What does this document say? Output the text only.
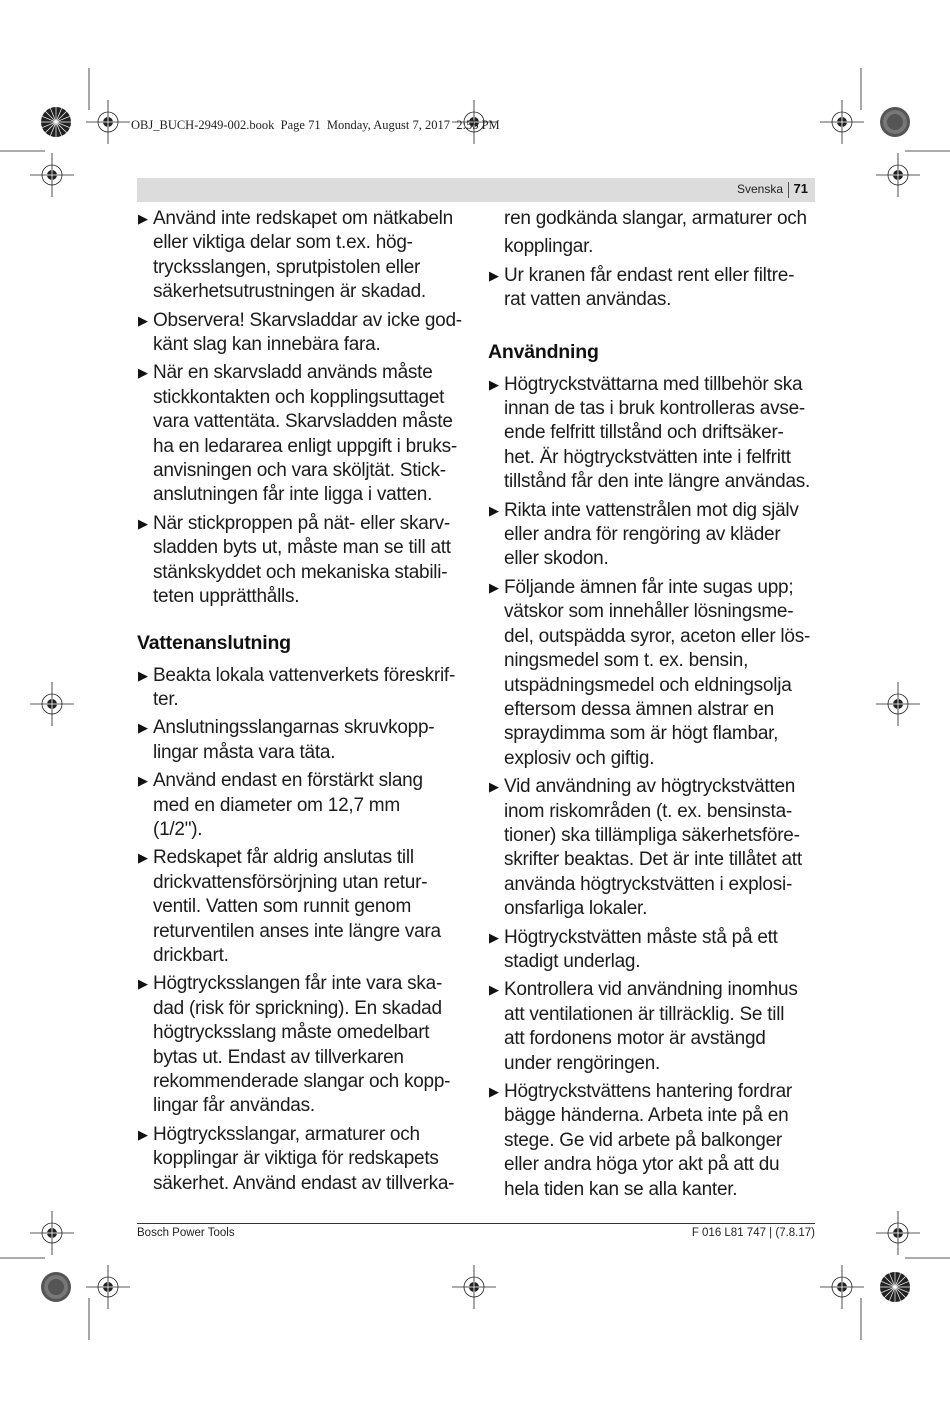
OBJ_BUCH-2949-002.book  Page 71  Monday, August 7, 2017  2:55 PM
Svenska 71
▶ Använd inte redskapet om nätkabeln

eller viktiga delar som t.ex. hög-

trycksslangen, sprutpistolen eller

säkerhetsutrustningen är skadad.

▶ Observera! Skarvsladdar av icke god-

känt slag kan innebära fara.

▶ När en skarvsladd används måste

stickkontakten och kopplingsuttaget

vara vattentäta. Skarvsladden måste

ha en ledararea enligt uppgift i bruks-

anvisningen och vara sköljtät. Stick-

anslutningen får inte ligga i vatten.

▶ När stickproppen på nät- eller skarv-

sladden byts ut, måste man se till att

stänkskyddet och mekaniska stabili-

teten upprätthålls.

Vattenanslutning
▶ Beakta lokala vattenverkets föreskrif-

ter.

▶ Anslutningsslangarnas skruvkopp-

lingar måsta vara täta.

▶ Använd endast en förstärkt slang

med en diameter om 12,7 mm

(1/2").

▶ Redskapet får aldrig anslutas till

drickvattensförsörjning utan retur-

ventil. Vatten som runnit genom

returventilen anses inte längre vara

drickbart.

▶ Högtrycksslangen får inte vara ska-

dad (risk för sprickning). En skadad

högtrycksslang måste omedelbart

bytas ut. Endast av tillverkaren

rekommenderade slangar och kopp-

lingar får användas.

▶ Högtrycksslangar, armaturer och

kopplingar är viktiga för redskapets

säkerhet. Använd endast av tillverka-

ren godkända slangar, armaturer och

kopplingar.

▶ Ur kranen får endast rent eller filtre-

rat vatten användas.

Användning
▶ Högtryckstvättarna med tillbehör ska

innan de tas i bruk kontrolleras avse-

ende felfritt tillstånd och driftsäker-

het. Är högtryckstvätten inte i felfritt

tillstånd får den inte längre användas.

▶ Rikta inte vattenstrålen mot dig själv

eller andra för rengöring av kläder

eller skodon.

▶ Följande ämnen får inte sugas upp;

vätskor som innehåller lösningsme-

del, outspädda syror, aceton eller lös-

ningsmedel som t. ex. bensin,

utspädningsmedel och eldningsolja

eftersom dessa ämnen alstrar en

spraydimma som är högt flambar,

explosiv och giftig.

▶ Vid användning av högtryckstvätten

inom riskområden (t. ex. bensinsta-

tioner) ska tillämpliga säkerhetsföre-

skrifter beaktas. Det är inte tillåtet att

använda högtryckstvätten i explosi-

onsfarliga lokaler.

▶ Högtryckstvätten måste stå på ett

stadigt underlag.

▶ Kontrollera vid användning inomhus

att ventilationen är tillräcklig. Se till

att fordonens motor är avstängd

under rengöringen.

▶ Högtryckstvättens hantering fordrar

bägge händerna. Arbeta inte på en

stege. Ge vid arbete på balkonger

eller andra höga ytor akt på att du

hela tiden kan se alla kanter.

Bosch Power Tools	F 016 L81 747 | (7.8.17)
